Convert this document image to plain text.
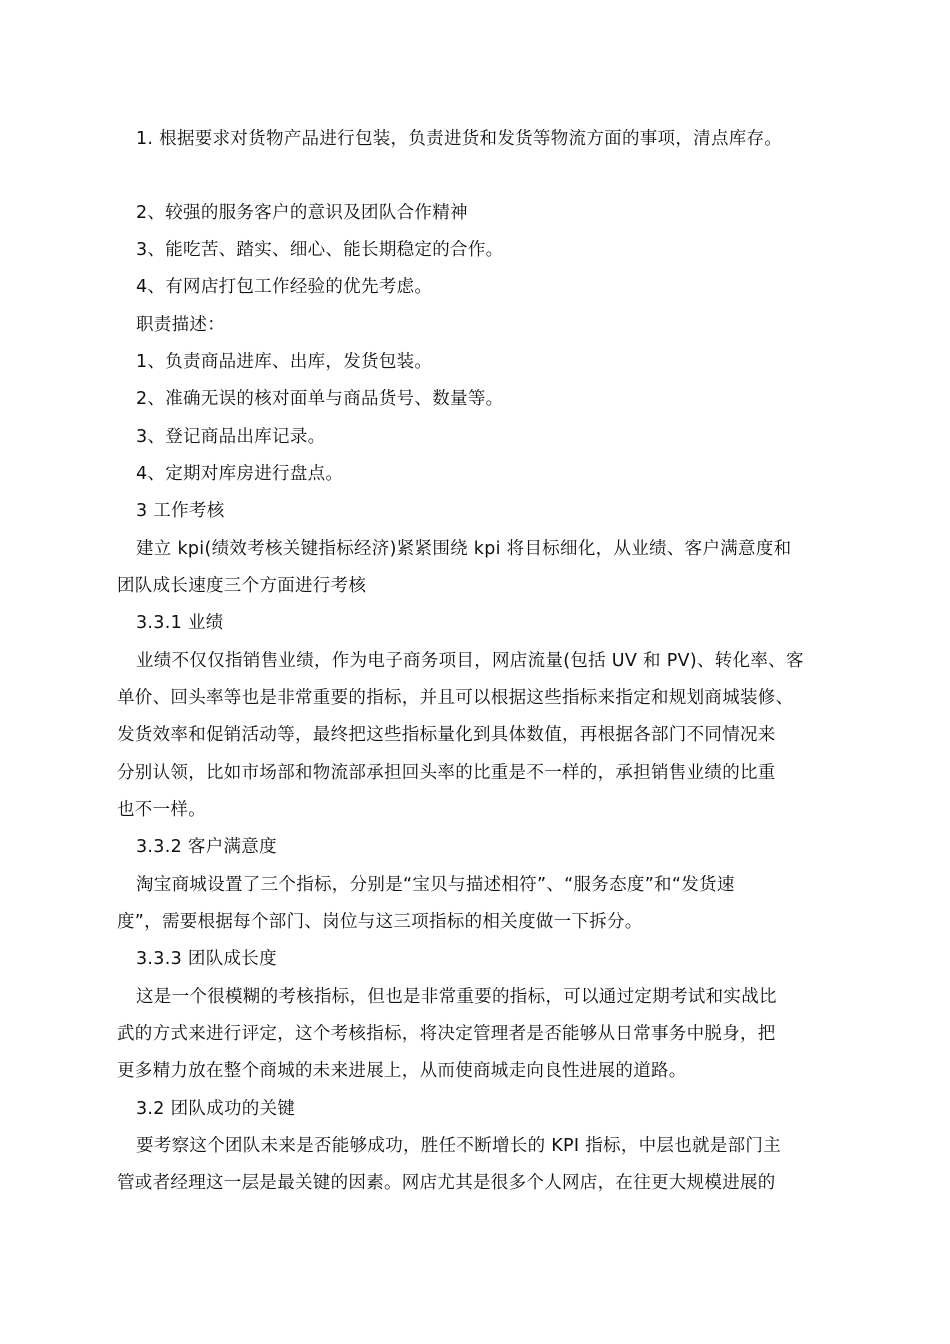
1. 根据要求对货物产品进行包装，负责进货和发货等物流方面的事项，清点库存。
2、较强的服务客户的意识及团队合作精神
3、能吃苦、踏实、细心、能长期稳定的合作。
4、有网店打包工作经验的优先考虑。
职责描述：
1、负责商品进库、出库，发货包装。
2、准确无误的核对面单与商品货号、数量等。
3、登记商品出库记录。
4、定期对库房进行盘点。
3 工作考核
建立 kpi(绩效考核关键指标经济)紧紧围绕 kpi 将目标细化，从业绩、客户满意度和
团队成长速度三个方面进行考核
3.3.1 业绩
业绩不仅仅指销售业绩，作为电子商务项目，网店流量(包括 UV 和 PV)、转化率、客
单价、回头率等也是非常重要的指标，并且可以根据这些指标来指定和规划商城装修、
发货效率和促销活动等，最终把这些指标量化到具体数值，再根据各部门不同情况来
分别认领，比如市场部和物流部承担回头率的比重是不一样的，承担销售业绩的比重
也不一样。
3.3.2 客户满意度
淘宝商城设置了三个指标，分别是“宝贝与描述相符”、“服务态度”和“发货速
度”，需要根据每个部门、岗位与这三项指标的相关度做一下拆分。
3.3.3 团队成长度
这是一个很模糊的考核指标，但也是非常重要的指标，可以通过定期考试和实战比
武的方式来进行评定，这个考核指标，将决定管理者是否能够从日常事务中脱身，把
更多精力放在整个商城的未来进展上，从而使商城走向良性进展的道路。
3.2 团队成功的关键
要考察这个团队未来是否能够成功，胜任不断增长的 KPI 指标，中层也就是部门主
管或者经理这一层是最关键的因素。网店尤其是很多个人网店，在往更大规模进展的
